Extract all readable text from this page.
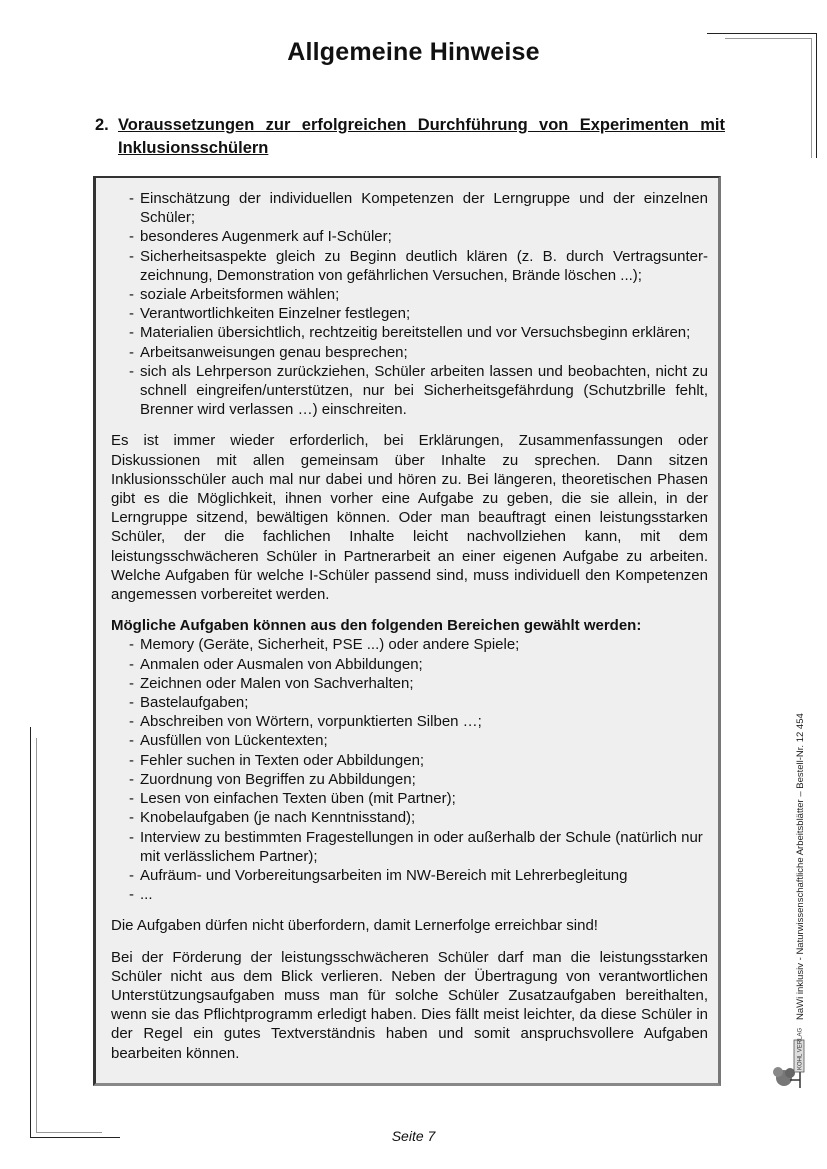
Allgemeine Hinweise
2. Voraussetzungen zur erfolgreichen Durchführung von Experimenten mit Inklusionsschülern
- Einschätzung der individuellen Kompetenzen der Lerngruppe und der einzelnen Schüler;
- besonderes Augenmerk auf I-Schüler;
- Sicherheitsaspekte gleich zu Beginn deutlich klären (z. B. durch Vertragsunter-zeichnung, Demonstration von gefährlichen Versuchen, Brände löschen ...);
- soziale Arbeitsformen wählen;
- Verantwortlichkeiten Einzelner festlegen;
- Materialien übersichtlich, rechtzeitig bereitstellen und vor Versuchsbeginn erklären;
- Arbeitsanweisungen genau besprechen;
- sich als Lehrperson zurückziehen, Schüler arbeiten lassen und beobachten, nicht zu schnell eingreifen/unterstützen, nur bei Sicherheitsgefährdung (Schutzbrille fehlt, Brenner wird verlassen …) einschreiten.

Es ist immer wieder erforderlich, bei Erklärungen, Zusammenfassungen oder Diskussionen mit allen gemeinsam über Inhalte zu sprechen. Dann sitzen Inklusionsschüler auch mal nur dabei und hören zu. Bei längeren, theoretischen Phasen gibt es die Möglichkeit, ihnen vorher eine Aufgabe zu geben, die sie allein, in der Lerngruppe sitzend, bewältigen können. Oder man beauftragt einen leistungsstarken Schüler, der die fachlichen Inhalte leicht nachvollziehen kann, mit dem leistungsschwächeren Schüler in Partnerarbeit an einer eigenen Aufgabe zu arbeiten. Welche Aufgaben für welche I-Schüler passend sind, muss individuell den Kompetenzen angemessen vorbereitet werden.

Mögliche Aufgaben können aus den folgenden Bereichen gewählt werden:
- Memory (Geräte, Sicherheit, PSE ...) oder andere Spiele;
- Anmalen oder Ausmalen von Abbildungen;
- Zeichnen oder Malen von Sachverhalten;
- Bastelaufgaben;
- Abschreiben von Wörtern, vorpunktierten Silben …;
- Ausfüllen von Lückentexten;
- Fehler suchen in Texten oder Abbildungen;
- Zuordnung von Begriffen zu Abbildungen;
- Lesen von einfachen Texten üben (mit Partner);
- Knobelaufgaben (je nach Kenntnisstand);
- Interview zu bestimmten Fragestellungen in oder außerhalb der Schule (natürlich nur mit verlässlichem Partner);
- Aufräum- und Vorbereitungsarbeiten im NW-Bereich mit Lehrerbegleitung
- ...

Die Aufgaben dürfen nicht überfordern, damit Lernerfolge erreichbar sind!

Bei der Förderung der leistungsschwächeren Schüler darf man die leistungsstarken Schüler nicht aus dem Blick verlieren. Neben der Übertragung von verantwortlichen Unterstützungsaufgaben muss man für solche Schüler Zusatzaufgaben bereithalten, wenn sie das Pflichtprogramm erledigt haben. Dies fällt meist leichter, da diese Schüler in der Regel ein gutes Textverständnis haben und somit anspruchsvollere Aufgaben bearbeiten können.

NaWi inklusiv - Naturwissenschaftliche Arbeitsblätter – Bestell-Nr. 12 454
KOHL VERLAG
Seite 7
